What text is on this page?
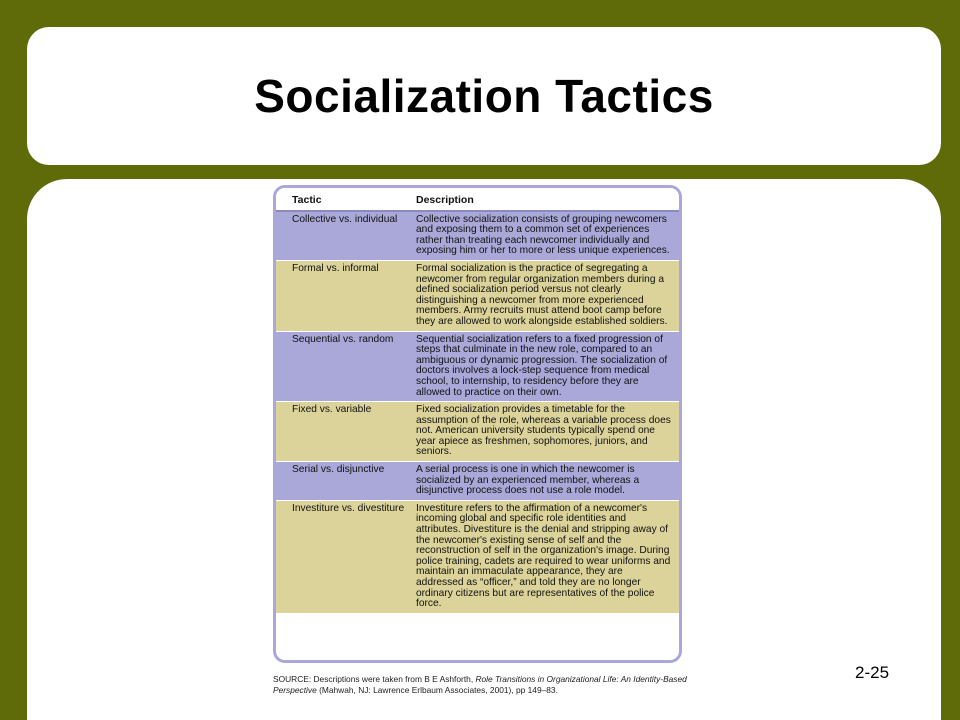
Socialization Tactics
Tactic	Description
Collective vs. individual	Collective socialization consists of grouping newcomers and exposing them to a common set of experiences rather than treating each newcomer individually and exposing him or her to more or less unique experiences.
Formal vs. informal	Formal socialization is the practice of segregating a newcomer from regular organization members during a defined socialization period versus not clearly distinguishing a newcomer from more experienced members. Army recruits must attend boot camp before they are allowed to work alongside established soldiers.
Sequential vs. random	Sequential socialization refers to a fixed progression of steps that culminate in the new role, compared to an ambiguous or dynamic progression. The socialization of doctors involves a lock-step sequence from medical school, to internship, to residency before they are allowed to practice on their own.
Fixed vs. variable	Fixed socialization provides a timetable for the assumption of the role, whereas a variable process does not. American university students typically spend one year apiece as freshmen, sophomores, juniors, and seniors.
Serial vs. disjunctive	A serial process is one in which the newcomer is socialized by an experienced member, whereas a disjunctive process does not use a role model.
Investiture vs. divestiture	Investiture refers to the affirmation of a newcomer's incoming global and specific role identities and attributes. Divestiture is the denial and stripping away of the newcomer's existing sense of self and the reconstruction of self in the organization's image. During police training, cadets are required to wear uniforms and maintain an immaculate appearance, they are addressed as “officer,” and told they are no longer ordinary citizens but are representatives of the police force.
SOURCE: Descriptions were taken from B E Ashforth, Role Transitions in Organizational Life: An Identity-Based Perspective (Mahwah, NJ: Lawrence Erlbaum Associates, 2001), pp 149–83.
2-25
